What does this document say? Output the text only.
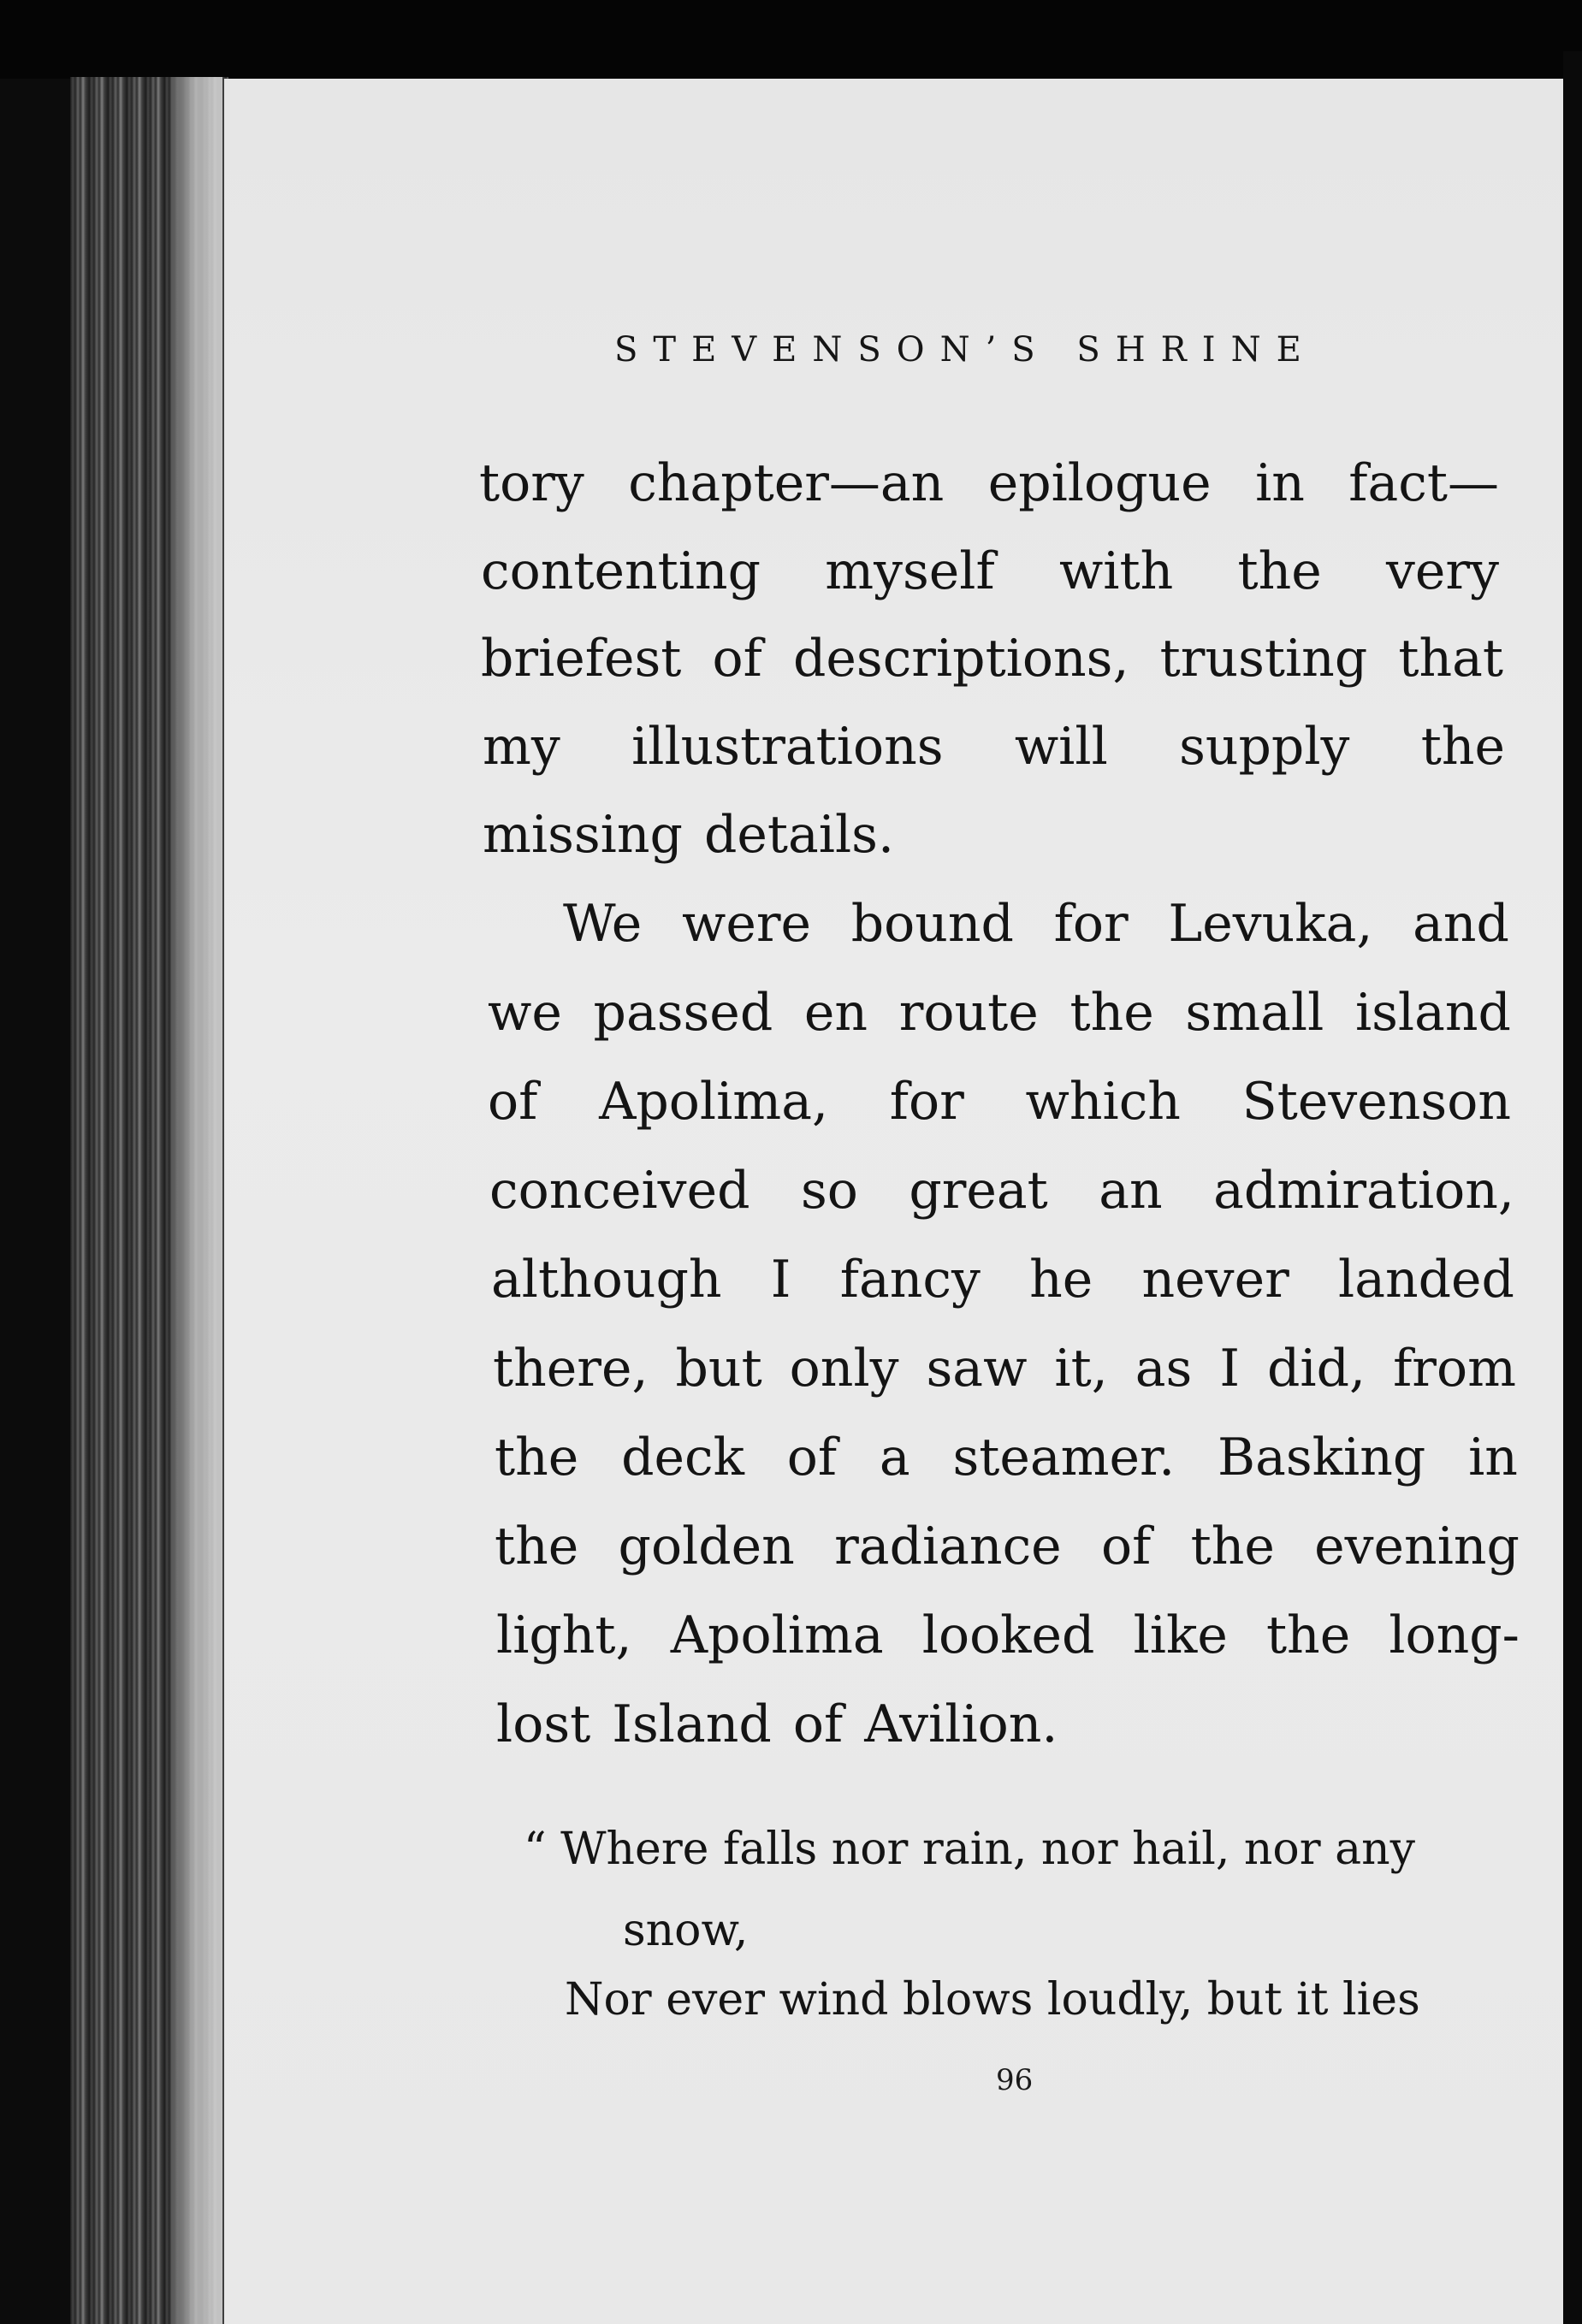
STEVENSON’S SHRINE
tory chapter—an epilogue in fact—
contenting myself with the very
briefest of descriptions, trusting that
my illustrations will supply the
missing details.
We were bound for Levuka, and
we passed en route the small island
of Apolima, for which Stevenson
conceived so great an admiration,
although I fancy he never landed
there, but only saw it, as I did, from
the deck of a steamer. Basking in
the golden radiance of the evening
light, Apolima looked like the long-
lost Island of Avilion.
“ Where falls nor rain, nor hail, nor any
snow,
Nor ever wind blows loudly, but it lies
96
